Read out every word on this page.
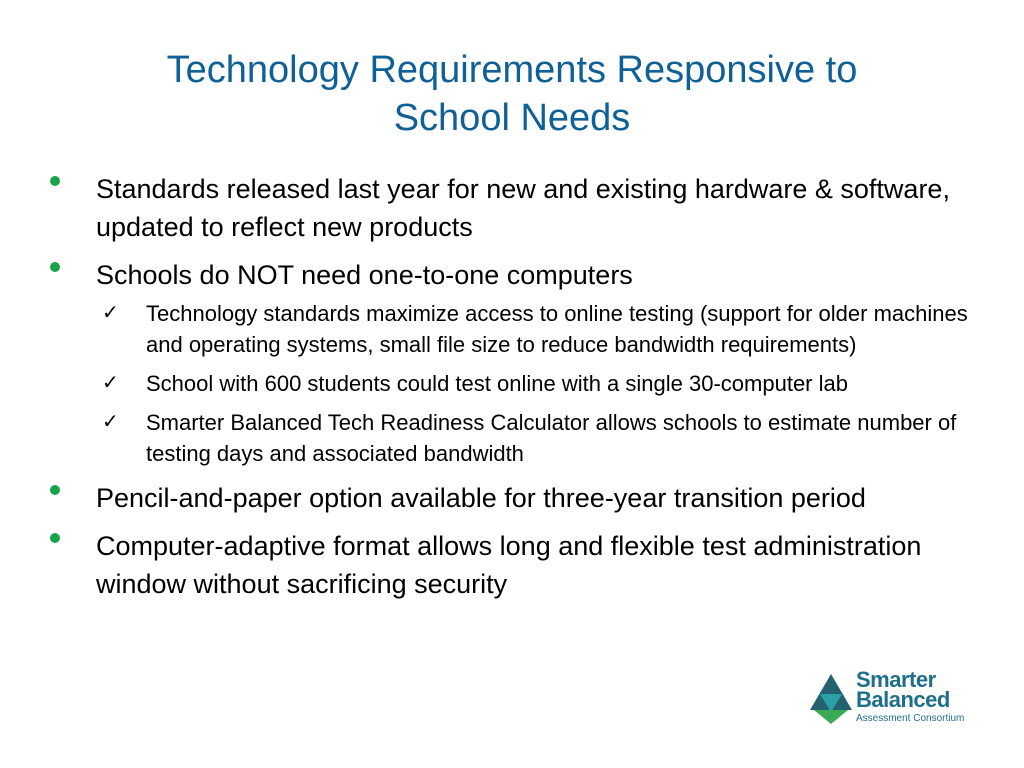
Technology Requirements Responsive to
School Needs
Standards released last year for new and existing hardware & software, updated to reflect new products
Schools do NOT need one-to-one computers
✓ Technology standards maximize access to online testing (support for older machines and operating systems, small file size to reduce bandwidth requirements)
✓ School with 600 students could test online with a single 30-computer lab
✓ Smarter Balanced Tech Readiness Calculator allows schools to estimate number of testing days and associated bandwidth
Pencil-and-paper option available for three-year transition period
Computer-adaptive format allows long and flexible test administration window without sacrificing security
Smarter
Balanced
Assessment Consortium
